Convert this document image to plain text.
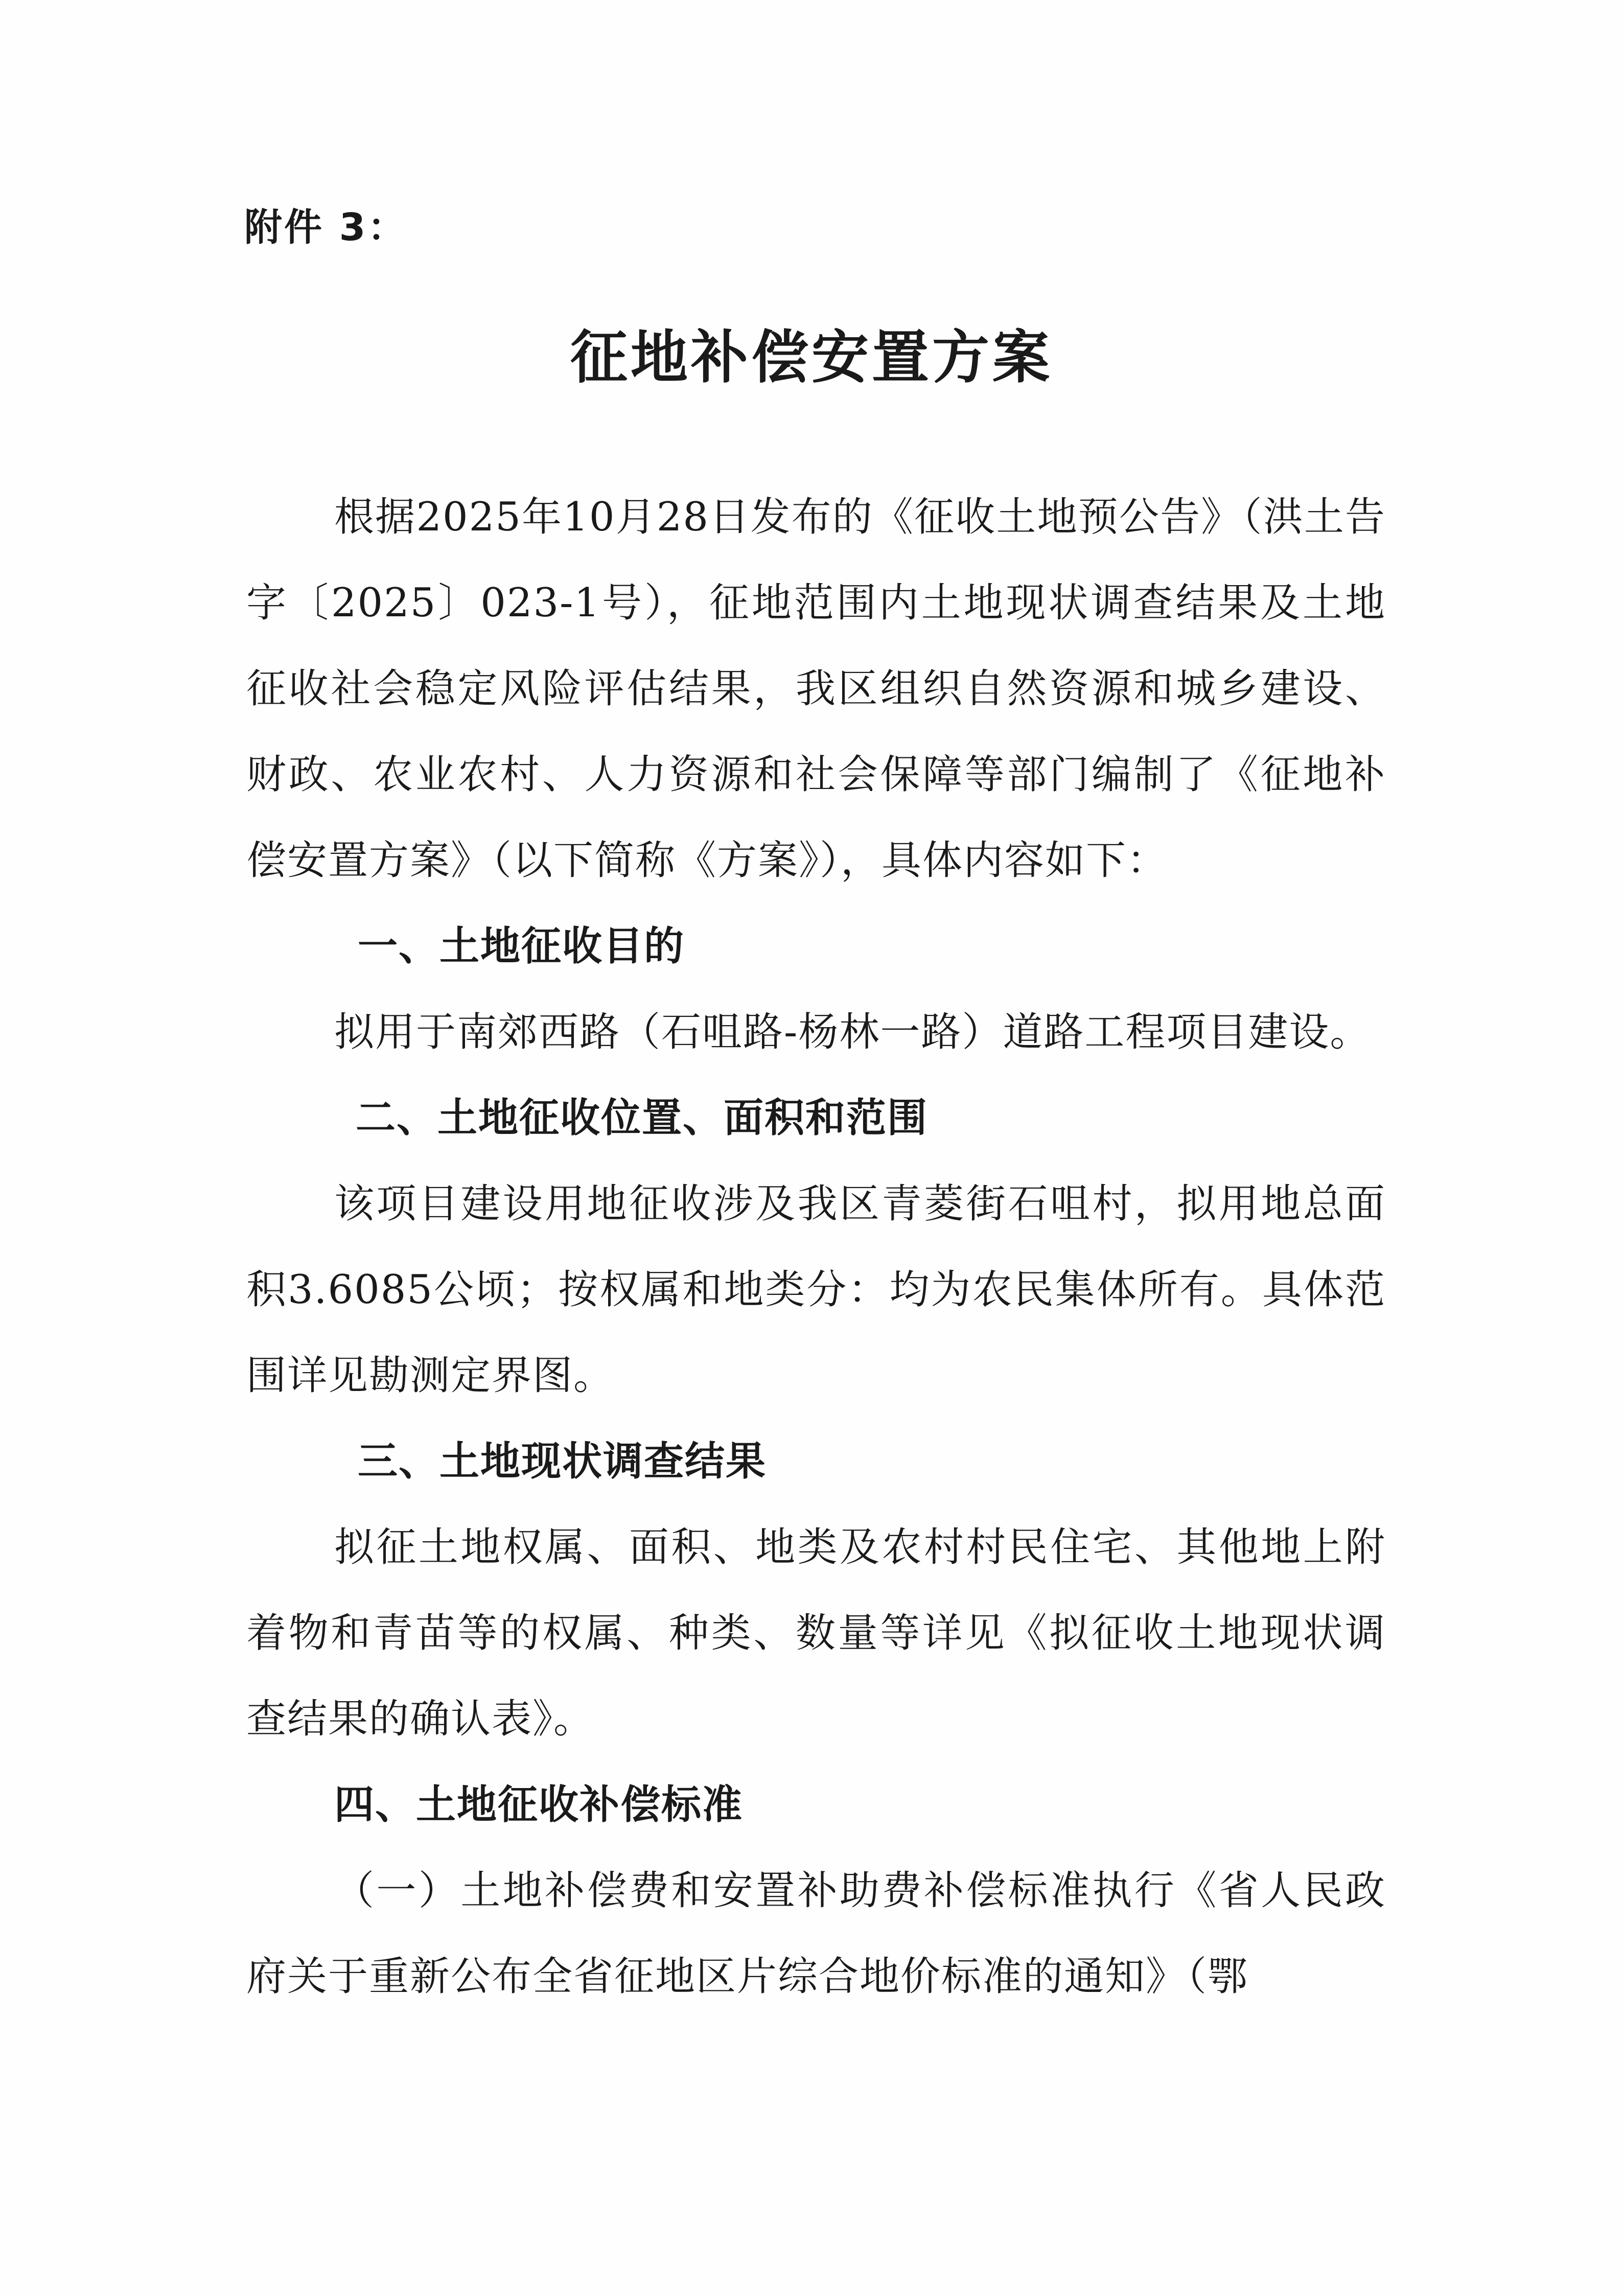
附件 3：
征地补偿安置方案

根据2025年10月28日发布的《征收土地预公告》（洪土告字〔2025〕023-1号），征地范围内土地现状调查结果及土地征收社会稳定风险评估结果，我区组织自然资源和城乡建设、财政、农业农村、人力资源和社会保障等部门编制了《征地补偿安置方案》（以下简称《方案》），具体内容如下：

一、土地征收目的

拟用于南郊西路（石咀路-杨林一路）道路工程项目建设。

二、土地征收位置、面积和范围

该项目建设用地征收涉及我区青菱街石咀村，拟用地总面积3.6085公顷；按权属和地类分：均为农民集体所有。具体范围详见勘测定界图。

三、土地现状调查结果

拟征土地权属、面积、地类及农村村民住宅、其他地上附着物和青苗等的权属、种类、数量等详见《拟征收土地现状调查结果的确认表》。

四、土地征收补偿标准

（一）土地补偿费和安置补助费补偿标准执行《省人民政府关于重新公布全省征地区片综合地价标准的通知》（鄂
